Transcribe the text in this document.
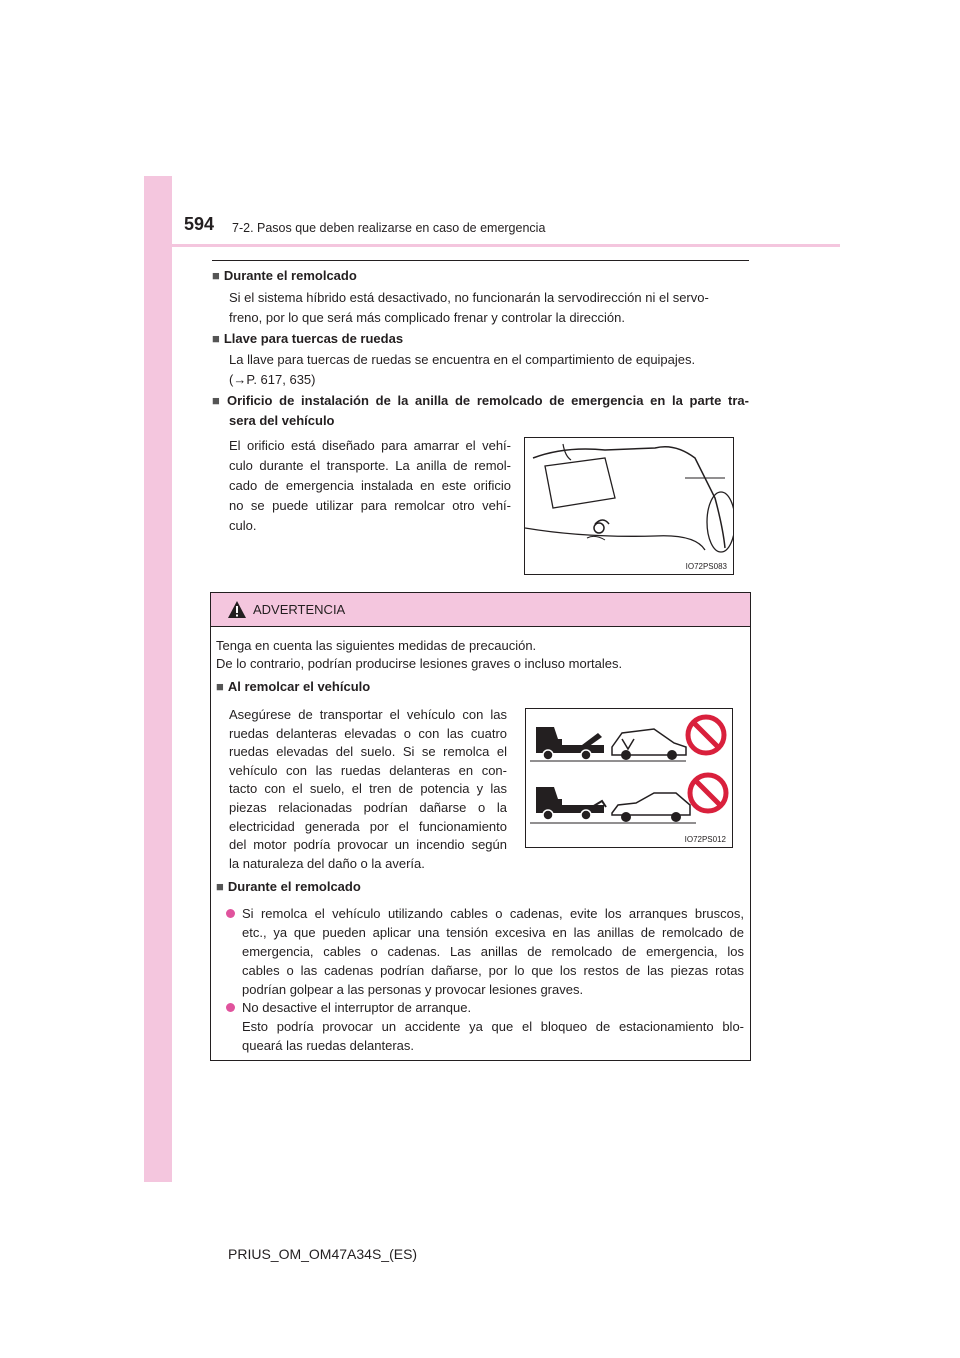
594 7-2. Pasos que deben realizarse en caso de emergencia
■ Durante el remolcado
Si el sistema híbrido está desactivado, no funcionarán la servodirección ni el servo-
freno, por lo que será más complicado frenar y controlar la dirección.
■ Llave para tuercas de ruedas
La llave para tuercas de ruedas se encuentra en el compartimiento de equipajes.
(→P. 617, 635)
■ Orificio de instalación de la anilla de remolcado de emergencia en la parte tra-
sera del vehículo
El orificio está diseñado para amarrar el vehí-
culo durante el transporte. La anilla de remol-
cado de emergencia instalada en este orificio
no se puede utilizar para remolcar otro vehí-
culo.
IO72PS083
ADVERTENCIA
Tenga en cuenta las siguientes medidas de precaución.
De lo contrario, podrían producirse lesiones graves o incluso mortales.
■ Al remolcar el vehículo
Asegúrese de transportar el vehículo con las
ruedas delanteras elevadas o con las cuatro
ruedas elevadas del suelo. Si se remolca el
vehículo con las ruedas delanteras en con-
tacto con el suelo, el tren de potencia y las
piezas relacionadas podrían dañarse o la
electricidad generada por el funcionamiento
del motor podría provocar un incendio según
la naturaleza del daño o la avería.
IO72PS012
■ Durante el remolcado
Si remolca el vehículo utilizando cables o cadenas, evite los arranques bruscos,
etc., ya que pueden aplicar una tensión excesiva en las anillas de remolcado de
emergencia, cables o cadenas. Las anillas de remolcado de emergencia, los
cables o las cadenas podrían dañarse, por lo que los restos de las piezas rotas
podrían golpear a las personas y provocar lesiones graves.
No desactive el interruptor de arranque.
Esto podría provocar un accidente ya que el bloqueo de estacionamiento blo-
queará las ruedas delanteras.
PRIUS_OM_OM47A34S_(ES)
